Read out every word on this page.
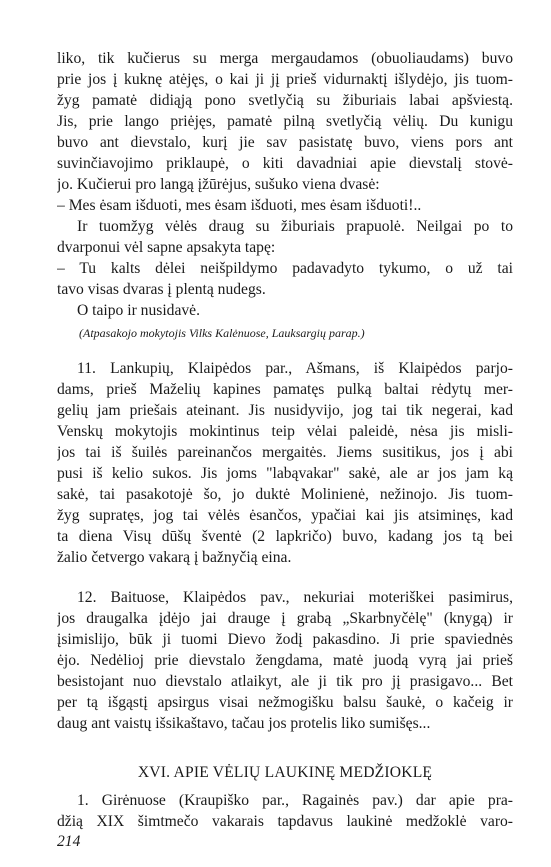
liko, tik kučierus su merga mergaudamos (obuoliaudams) buvo
prie jos į kuknę atėjęs, o kai ji jį prieš vidurnaktį išlydėjo, jis tuom-
žyg pamatė didiąją pono svetlyčią su žiburiais labai apšviestą.
Jis, prie lango priėjęs, pamatė pilną svetlyčią vėlių. Du kunigu
buvo ant dievstalo, kurį jie sav pasistatę buvo, viens pors ant
suvinčiavojimo priklaupė, o kiti davadniai apie dievstalį stovė-
jo. Kučierui pro langą įžūrėjus, sušuko viena dvasė:
– Mes ėsam išduoti, mes ėsam išduoti, mes ėsam išduoti!..
Ir tuomžyg vėlės draug su žiburiais prapuolė. Neilgai po to
dvarponui vėl sapne apsakyta tapę:
– Tu kalts dėlei neišpildymo padavadyto tykumo, o už tai
tavo visas dvaras į plentą nudegs.
O taipo ir nusidavė.
(Atpasakojo mokytojis Vilks Kalėnuose, Lauksargių parap.)
11. Lankupių, Klaipėdos par., Ašmans, iš Klaipėdos parjo-
dams, prieš Maželių kapines pamatęs pulką baltai rėdytų mer-
gelių jam priešais ateinant. Jis nusidyvijo, jog tai tik negerai, kad
Venskų mokytojis mokintinus teip vėlai paleidė, nėsa jis misli-
jos tai iš šuilės pareinančos mergaitės. Jiems susitikus, jos į abi
pusi iš kelio sukos. Jis joms "labąvakar" sakė, ale ar jos jam ką
sakė, tai pasakotojė šo, jo duktė Molinienė, nežinojo. Jis tuom-
žyg supratęs, jog tai vėlės ėsančos, ypačiai kai jis atsiminęs, kad
ta diena Visų dūšų šventė (2 lapkričo) buvo, kadang jos tą bei
žalio četvergo vakarą į bažnyčią eina.
12. Baituose, Klaipėdos pav., nekuriai moteriškei pasimirus,
jos draugalka įdėjo jai drauge į grabą „Skarbnyčėlę" (knygą) ir
įsimislijo, būk ji tuomi Dievo žodį pakasdino. Ji prie spaviednės
ėjo. Nedėlioj prie dievstalo žengdama, matė juodą vyrą jai prieš
besistojant nuo dievstalo atlaikyt, ale ji tik pro jį prasigavo... Bet
per tą išgąstį apsirgus visai nežmogišku balsu šaukė, o kačeig ir
daug ant vaistų išsikaštavo, tačau jos protelis liko sumišęs...
XVI. APIE VĖLIŲ LAUKINĘ MEDŽIOKLĘ
1. Girėnuose (Kraupiško par., Ragainės pav.) dar apie pra-
džią XIX šimtmečo vakarais tapdavus laukinė medžoklė varo-
214
